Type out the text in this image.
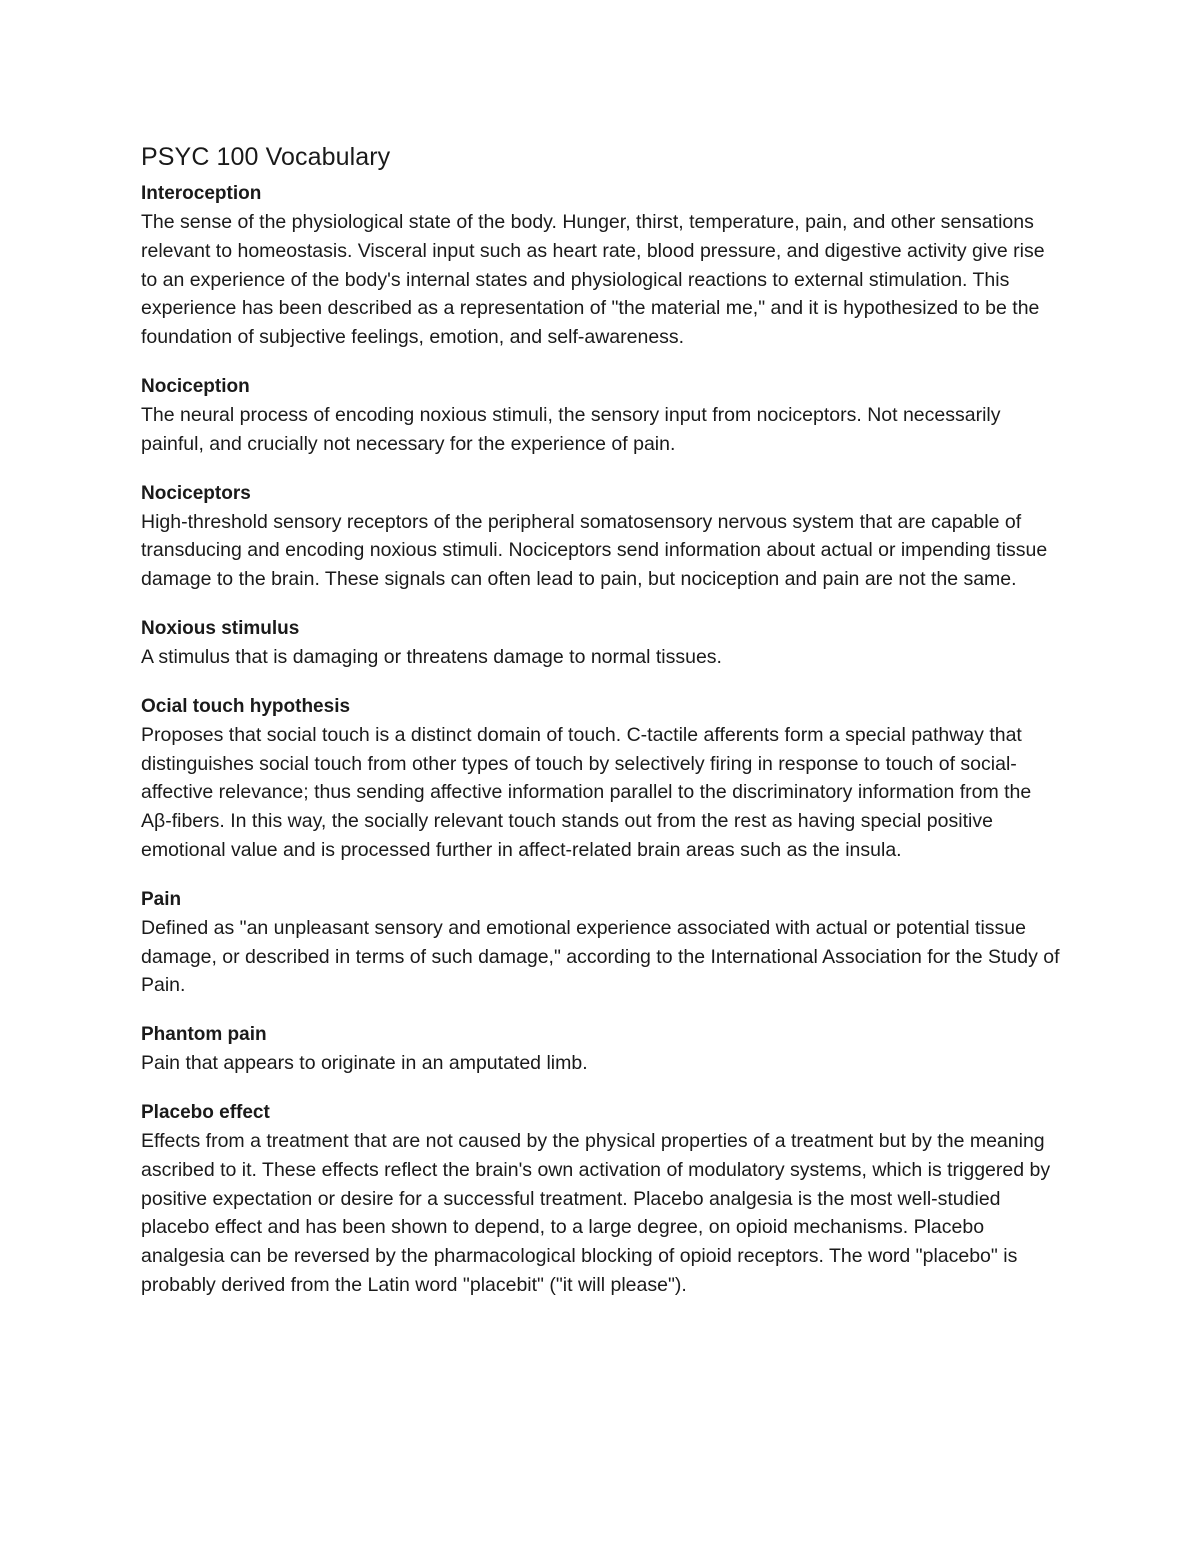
PSYC 100 Vocabulary

Interoception

The sense of the physiological state of the body. Hunger, thirst, temperature, pain, and other sensations relevant to homeostasis. Visceral input such as heart rate, blood pressure, and digestive activity give rise to an experience of the body's internal states and physiological reactions to external stimulation. This experience has been described as a representation of "the material me," and it is hypothesized to be the foundation of subjective feelings, emotion, and self-awareness.

Nociception

The neural process of encoding noxious stimuli, the sensory input from nociceptors. Not necessarily painful, and crucially not necessary for the experience of pain.

Nociceptors

High-threshold sensory receptors of the peripheral somatosensory nervous system that are capable of transducing and encoding noxious stimuli. Nociceptors send information about actual or impending tissue damage to the brain. These signals can often lead to pain, but nociception and pain are not the same.

Noxious stimulus

A stimulus that is damaging or threatens damage to normal tissues.

Ocial touch hypothesis

Proposes that social touch is a distinct domain of touch. C-tactile afferents form a special pathway that distinguishes social touch from other types of touch by selectively firing in response to touch of social-affective relevance; thus sending affective information parallel to the discriminatory information from the Aβ-fibers. In this way, the socially relevant touch stands out from the rest as having special positive emotional value and is processed further in affect-related brain areas such as the insula.

Pain

Defined as "an unpleasant sensory and emotional experience associated with actual or potential tissue damage, or described in terms of such damage," according to the International Association for the Study of Pain.

Phantom pain

Pain that appears to originate in an amputated limb.

Placebo effect

Effects from a treatment that are not caused by the physical properties of a treatment but by the meaning ascribed to it. These effects reflect the brain's own activation of modulatory systems, which is triggered by positive expectation or desire for a successful treatment. Placebo analgesia is the most well-studied placebo effect and has been shown to depend, to a large degree, on opioid mechanisms. Placebo analgesia can be reversed by the pharmacological blocking of opioid receptors. The word "placebo" is probably derived from the Latin word "placebit" ("it will please").
